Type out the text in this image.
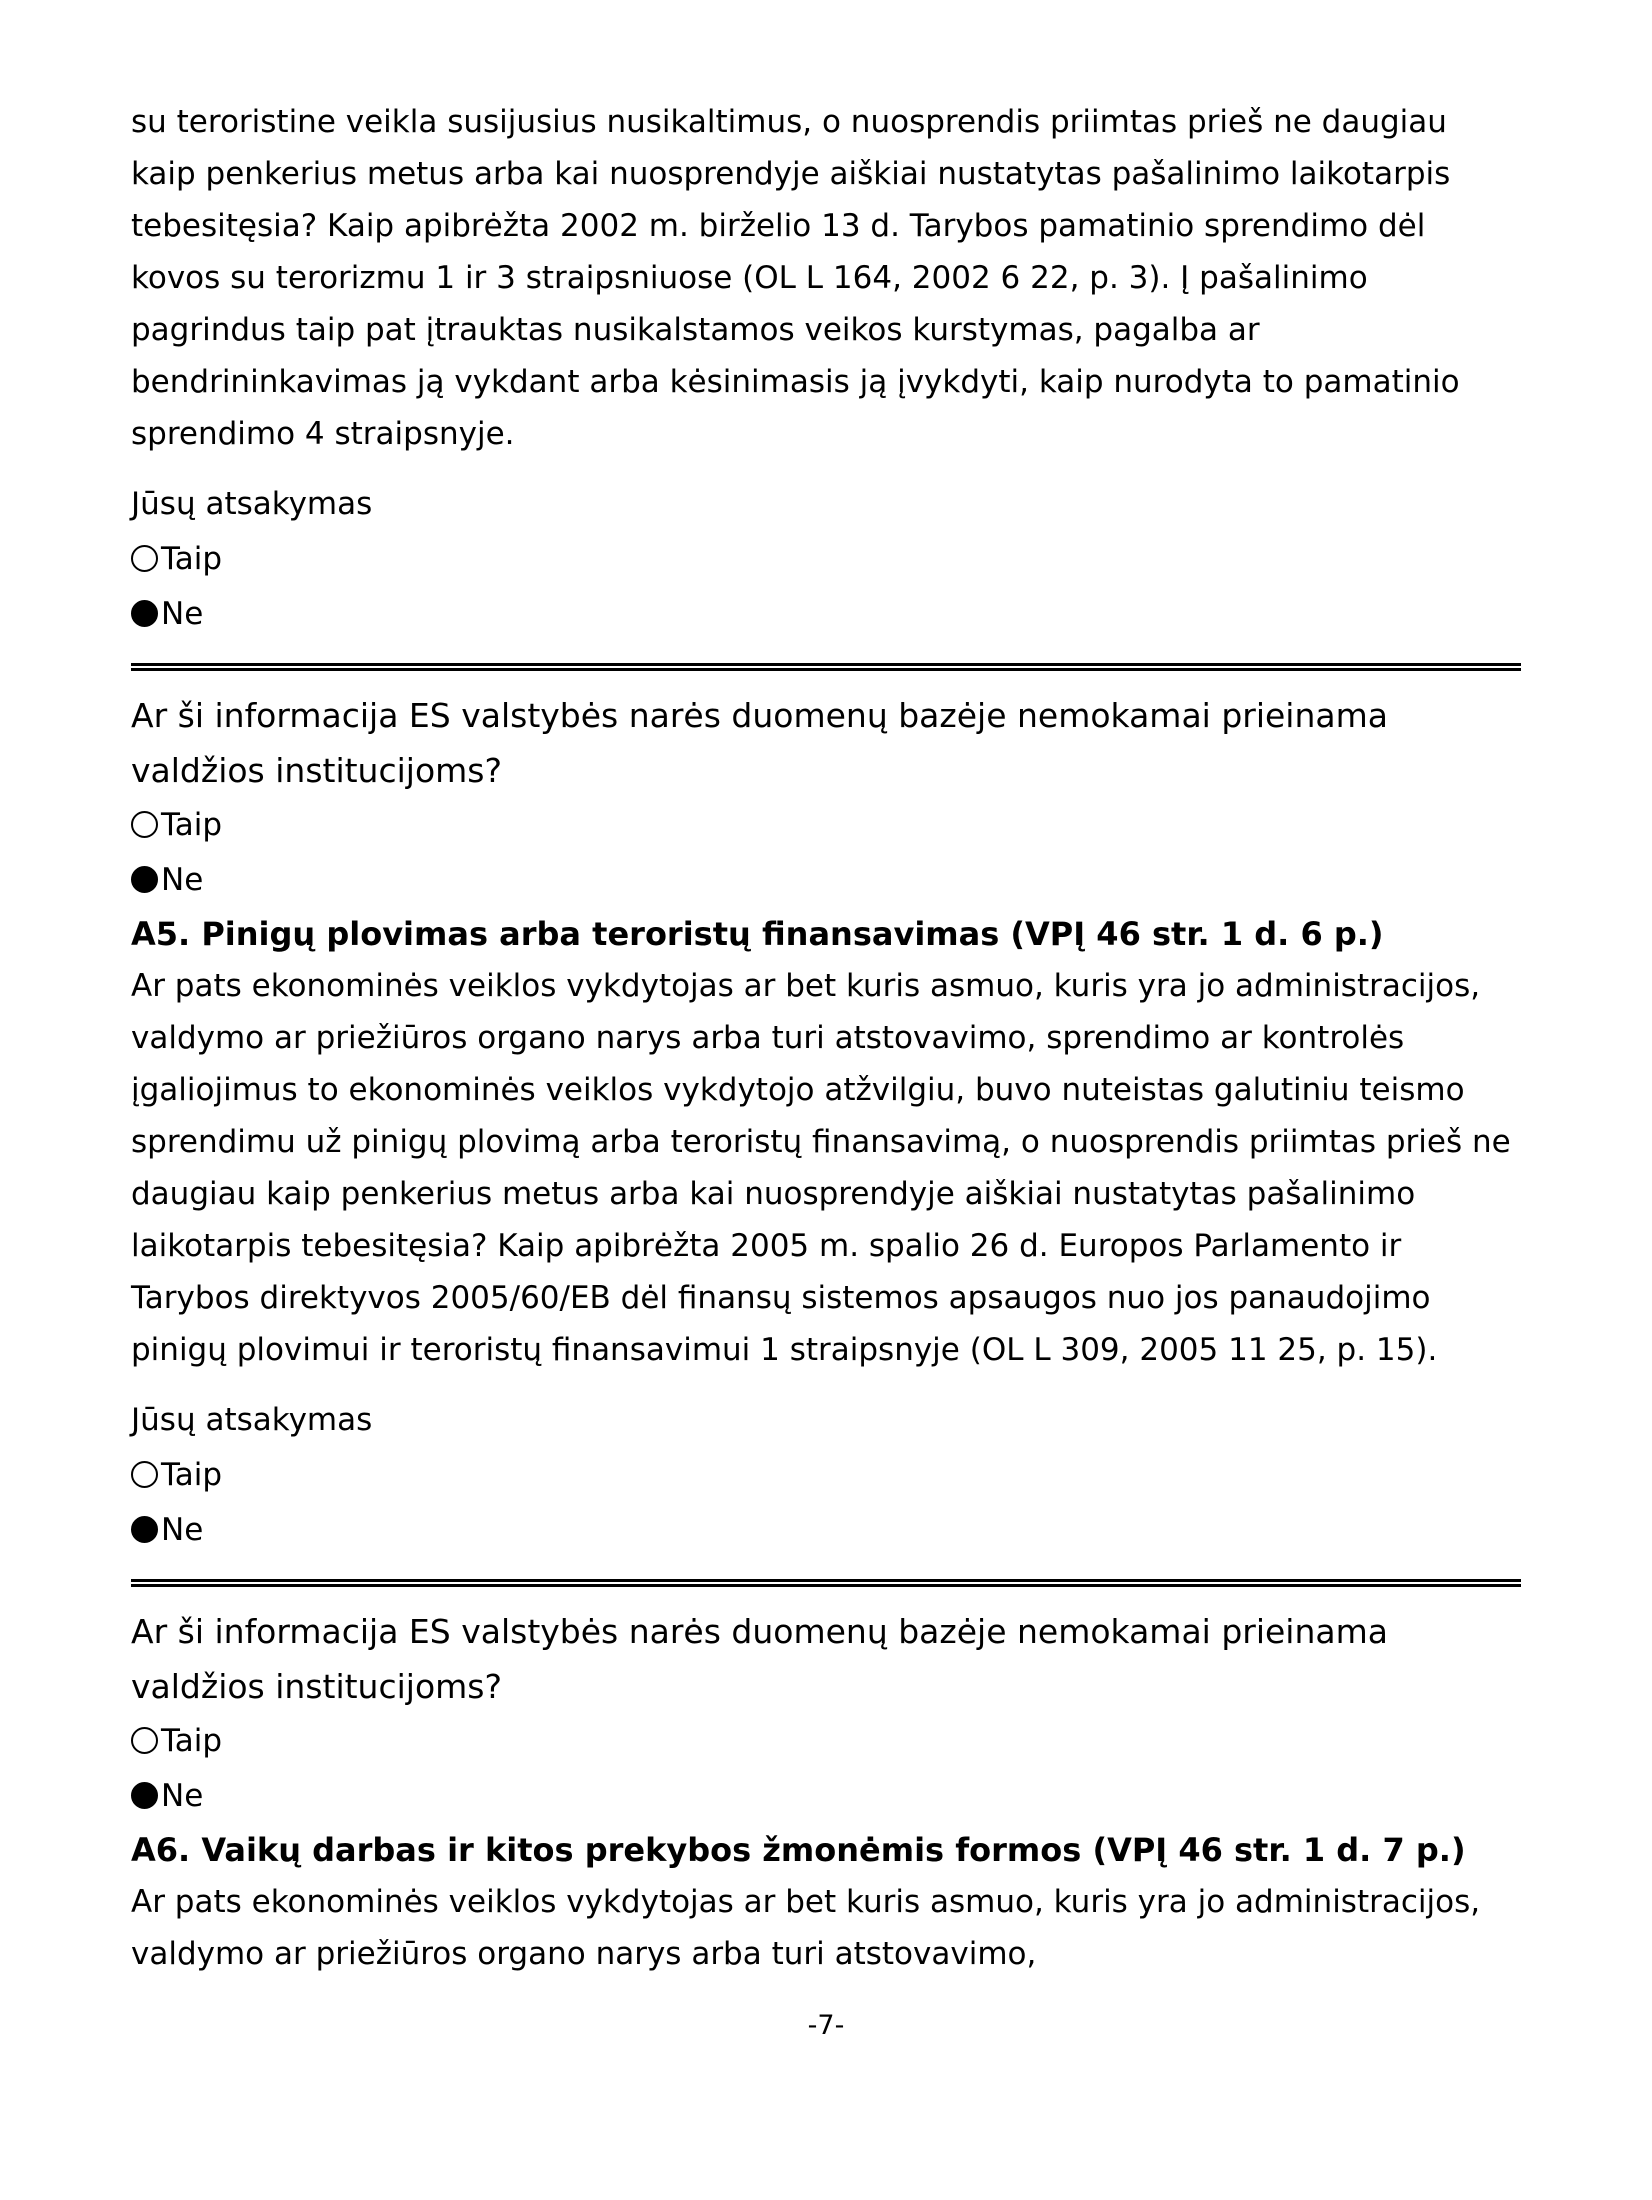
su teroristine veikla susijusius nusikaltimus, o nuosprendis priimtas prieš ne daugiau kaip penkerius metus arba kai nuosprendyje aiškiai nustatytas pašalinimo laikotarpis tebesitęsia? Kaip apibrėžta 2002 m. birželio 13 d. Tarybos pamatinio sprendimo dėl kovos su terorizmu 1 ir 3 straipsniuose (OL L 164, 2002 6 22, p. 3). Į pašalinimo pagrindus taip pat įtrauktas nusikalstamos veikos kurstymas, pagalba ar bendrininkavimas ją vykdant arba kėsinimasis ją įvykdyti, kaip nurodyta to pamatinio sprendimo 4 straipsnyje.

Jūsų atsakymas
Taip
Ne
Ar ši informacija ES valstybės narės duomenų bazėje nemokamai prieinama valdžios institucijoms?
Taip
Ne
A5. Pinigų plovimas arba teroristų finansavimas (VPĮ 46 str. 1 d. 6 p.)

Ar pats ekonominės veiklos vykdytojas ar bet kuris asmuo, kuris yra jo administracijos, valdymo ar priežiūros organo narys arba turi atstovavimo, sprendimo ar kontrolės įgaliojimus to ekonominės veiklos vykdytojo atžvilgiu, buvo nuteistas galutiniu teismo sprendimu už pinigų plovimą arba teroristų finansavimą, o nuosprendis priimtas prieš ne daugiau kaip penkerius metus arba kai nuosprendyje aiškiai nustatytas pašalinimo laikotarpis tebesitęsia? Kaip apibrėžta 2005 m. spalio 26 d. Europos Parlamento ir Tarybos direktyvos 2005/60/EB dėl finansų sistemos apsaugos nuo jos panaudojimo pinigų plovimui ir teroristų finansavimui 1 straipsnyje (OL L 309, 2005 11 25, p. 15).

Jūsų atsakymas
Taip
Ne
Ar ši informacija ES valstybės narės duomenų bazėje nemokamai prieinama valdžios institucijoms?
Taip
Ne
A6. Vaikų darbas ir kitos prekybos žmonėmis formos (VPĮ 46 str. 1 d. 7 p.)

Ar pats ekonominės veiklos vykdytojas ar bet kuris asmuo, kuris yra jo administracijos, valdymo ar priežiūros organo narys arba turi atstovavimo,

-7-
